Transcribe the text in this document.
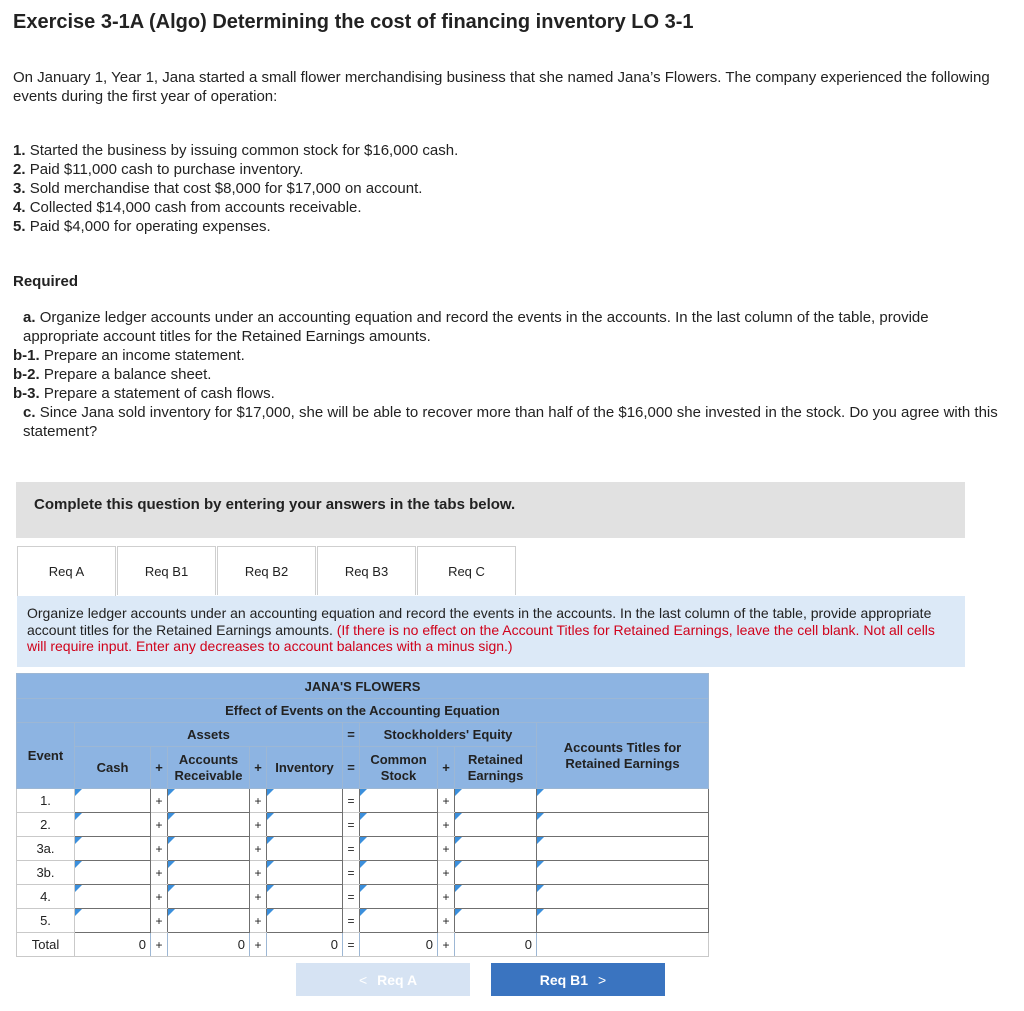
Exercise 3-1A (Algo) Determining the cost of financing inventory LO 3-1

On January 1, Year 1, Jana started a small flower merchandising business that she named Jana’s Flowers. The company experienced the following events during the first year of operation:

1. Started the business by issuing common stock for $16,000 cash.
2. Paid $11,000 cash to purchase inventory.
3. Sold merchandise that cost $8,000 for $17,000 on account.
4. Collected $14,000 cash from accounts receivable.
5. Paid $4,000 for operating expenses.
Required
a. Organize ledger accounts under an accounting equation and record the events in the accounts. In the last column of the table, provide appropriate account titles for the Retained Earnings amounts.
b-1. Prepare an income statement.
b-2. Prepare a balance sheet.
b-3. Prepare a statement of cash flows.
c. Since Jana sold inventory for $17,000, she will be able to recover more than half of the $16,000 she invested in the stock. Do you agree with this statement?
Complete this question by entering your answers in the tabs below.
Req A	Req B1	Req B2	Req B3	Req C
Organize ledger accounts under an accounting equation and record the events in the accounts. In the last column of the table, provide appropriate account titles for the Retained Earnings amounts. (If there is no effect on the Account Titles for Retained Earnings, leave the cell blank. Not all cells will require input. Enter any decreases to account balances with a minus sign.)
JANA'S FLOWERS										
Effect of Events on the Accounting Equation										
Event	Assets					=	Stockholders' Equity			Accounts Titles for Retained Earnings
	Cash	+	Accounts Receivable	+	Inventory	=	Common Stock	+	Retained Earnings	
1.		+		+		=		+		
2.		+		+		=		+		
3a.		+		+		=		+		
3b.		+		+		=		+		
4.		+		+		=		+		
5.		+		+		=		+		
Total	0	+	0	+	0	=	0	+	0	
< Req A	Req B1 >
